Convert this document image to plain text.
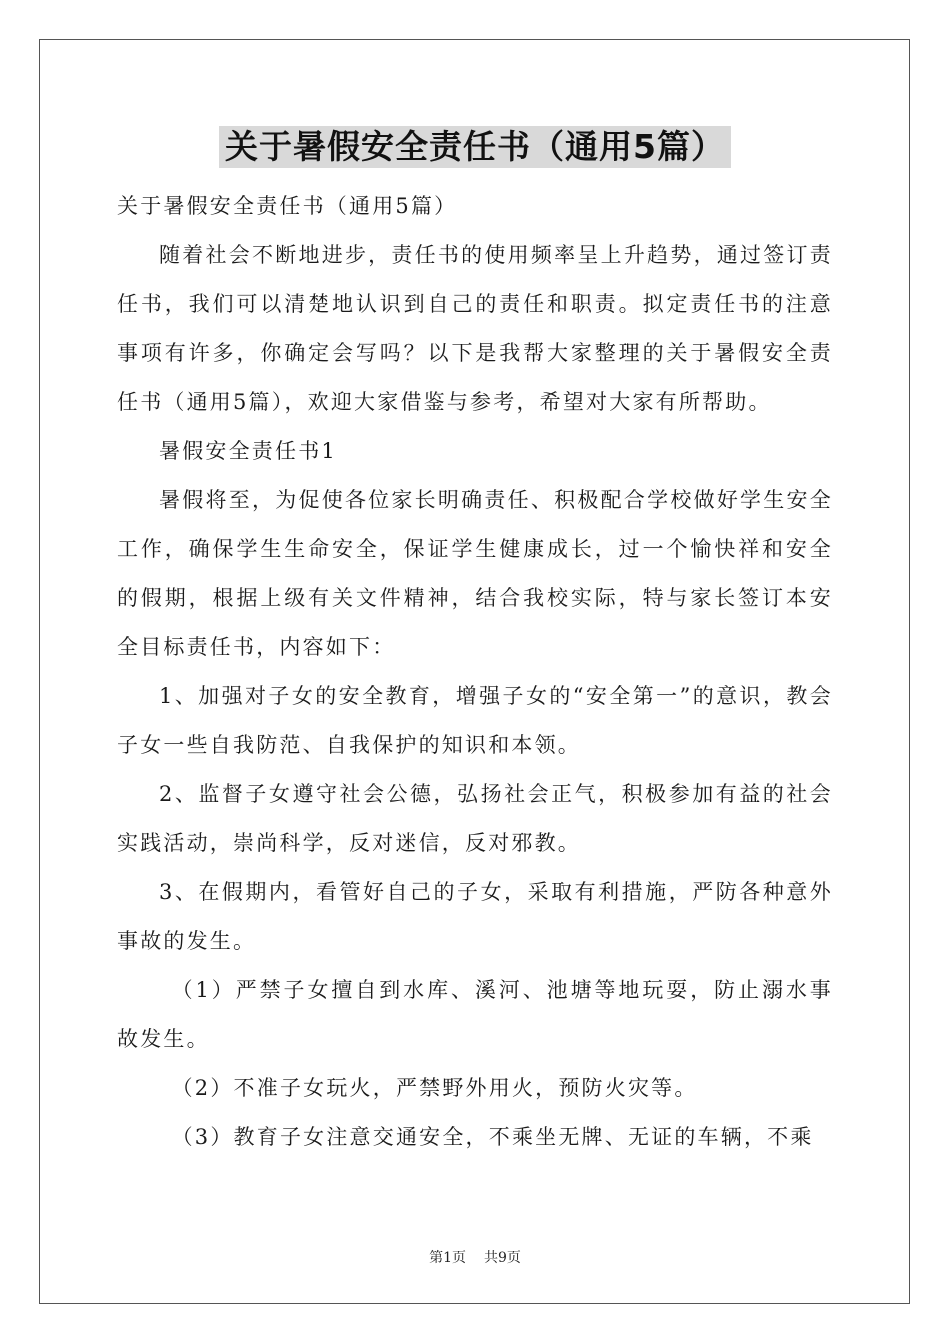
关于暑假安全责任书（通用5篇）

关于暑假安全责任书（通用5篇）

随着社会不断地进步，责任书的使用频率呈上升趋势，通过签订责任书，我们可以清楚地认识到自己的责任和职责。拟定责任书的注意事项有许多，你确定会写吗？以下是我帮大家整理的关于暑假安全责任书（通用5篇），欢迎大家借鉴与参考，希望对大家有所帮助。

暑假安全责任书1

暑假将至，为促使各位家长明确责任、积极配合学校做好学生安全工作，确保学生生命安全，保证学生健康成长，过一个愉快祥和安全的假期，根据上级有关文件精神，结合我校实际，特与家长签订本安全目标责任书，内容如下：

1、加强对子女的安全教育，增强子女的“安全第一”的意识，教会子女一些自我防范、自我保护的知识和本领。

2、监督子女遵守社会公德，弘扬社会正气，积极参加有益的社会实践活动，崇尚科学，反对迷信，反对邪教。

3、在假期内，看管好自己的子女，采取有利措施，严防各种意外事故的发生。

（1）严禁子女擅自到水库、溪河、池塘等地玩耍，防止溺水事故发生。

（2）不准子女玩火，严禁野外用火，预防火灾等。

（3）教育子女注意交通安全，不乘坐无牌、无证的车辆，不乘

第1页 共9页
